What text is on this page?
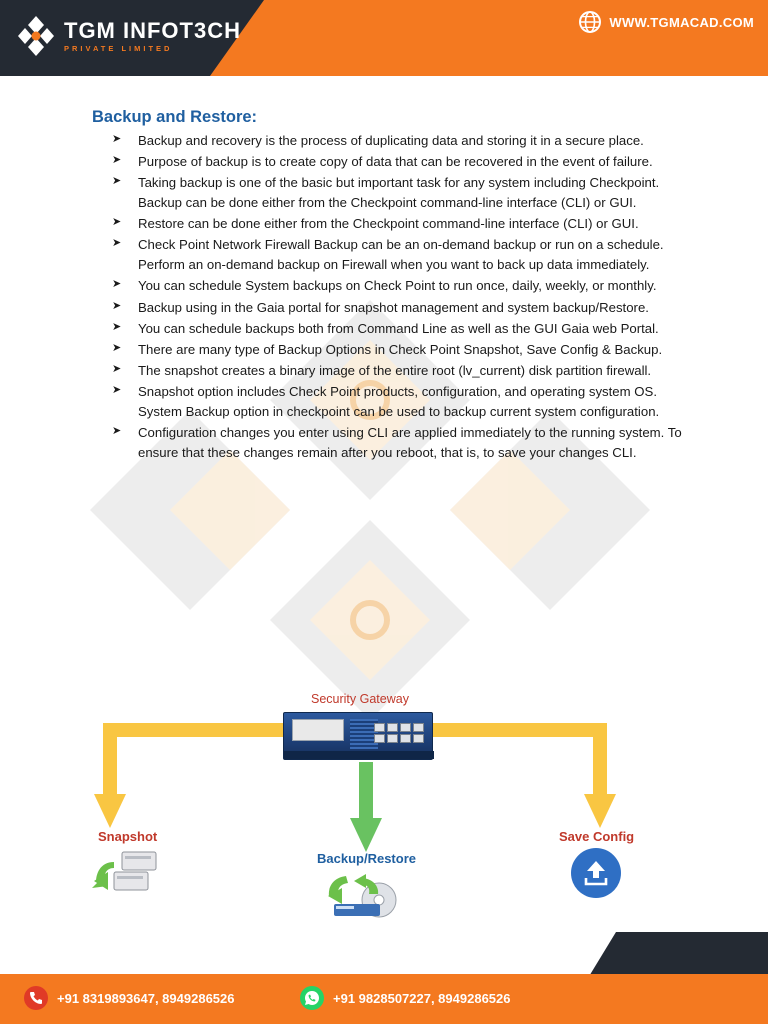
TGM INFOT3CH
PRIVATE LIMITED
WWW.TGMACAD.COM
Backup and Restore:
➤ Backup and recovery is the process of duplicating data and storing it in a secure place.
➤ Purpose of backup is to create copy of data that can be recovered in the event of failure.
➤ Taking backup is one of the basic but important task for any system including Checkpoint. Backup can be done either from the Checkpoint command-line interface (CLI) or GUI.
➤ Restore can be done either from the Checkpoint command-line interface (CLI) or GUI.
➤ Check Point Network Firewall Backup can be an on-demand backup or run on a schedule. Perform an on-demand backup on Firewall when you want to back up data immediately.
➤ You can schedule System backups on Check Point to run once, daily, weekly, or monthly.
➤ Backup using in the Gaia portal for snapshot management and system backup/Restore.
➤ You can schedule backups both from Command Line as well as the GUI Gaia web Portal.
➤ There are many type of Backup Options in Check Point Snapshot, Save Config & Backup.
➤ The snapshot creates a binary image of the entire root (lv_current) disk partition firewall.
➤ Snapshot option includes Check Point products, configuration, and operating system OS. System Backup option in checkpoint can be used to backup current system configuration.
➤ Configuration changes you enter using CLI are applied immediately to the running system. To ensure that these changes remain after you reboot, that is, to save your changes CLI.
Security Gateway
Snapshot
Backup/Restore
Save Config
+91 8319893647, 8949286526	+91 9828507227, 8949286526
